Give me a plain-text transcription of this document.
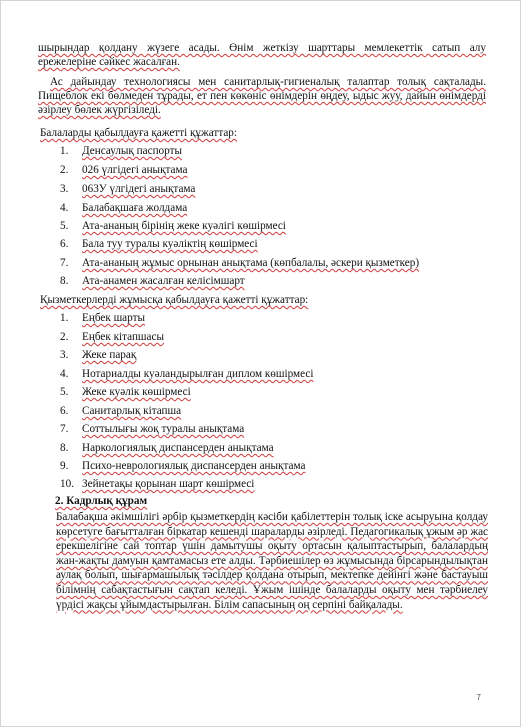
шырындар қолдану жүзеге асады. Өнім жеткізу шарттары мемлекеттік сатып алу ережелеріне сәйкес жасалған.
Ас дайындау технологиясы мен санитарлық-гигиеналық талаптар толық сақталады. Пищеблок екі бөлмеден тұрады, ет пен көкөніс өнімдерін өңдеу, ыдыс жуу, дайын өнімдерді әзірлеу бөлек жүргізіледі.
Балаларды қабылдауға қажетті құжаттар:
1. Денсаулық паспорты
2. 026 үлгідегі анықтама
3. 063У үлгідегі анықтама
4. Балабақшаға жолдама
5. Ата-ананың бірінің жеке куәлігі көшірмесі
6. Бала туу туралы куәліктің көшірмесі
7. Ата-ананың жұмыс орнынан анықтама (көпбалалы, әскери қызметкер)
8. Ата-анамен жасалған келісімшарт
Қызметкерлерді жұмысқа қабылдауға қажетті құжаттар:
1. Еңбек шарты
2. Еңбек кітапшасы
3. Жеке парақ
4. Нотариалды куәландырылған диплом көшірмесі
5. Жеке куәлік көшірмесі
6. Санитарлық кітапша
7. Соттылығы жоқ туралы анықтама
8. Наркологиялық диспансерден анықтама
9. Психо-неврологиялық диспансерден анықтама
10. Зейнетақы қорынан шарт көшірмесі
2. Кадрлық құрам
Балабақша әкімшілігі әрбір қызметкердің кәсіби қабілеттерін толық іске асыруына қолдау көрсетуге бағытталған біркатар кешенді шараларды әзірледі. Педагогикалық ұжым әр жас ерекшелігіне сай топтар үшін дамытушы оқыту ортасын қалыптастырып, балалардың жан-жақты дамуын қамтамасыз ете алды. Тәрбиешілер өз жұмысында бірсарындылықтан аулақ болып, шығармашылық тәсілдер қолдана отырып, мектепке дейінгі және бастауыш білімнің сабақтастығын сақтап келеді. Ұжым ішінде балаларды оқыту мен тәрбиелеу үрдісі жақсы ұйымдастырылған. Білім сапасының оң серпіні байқалады.
7
